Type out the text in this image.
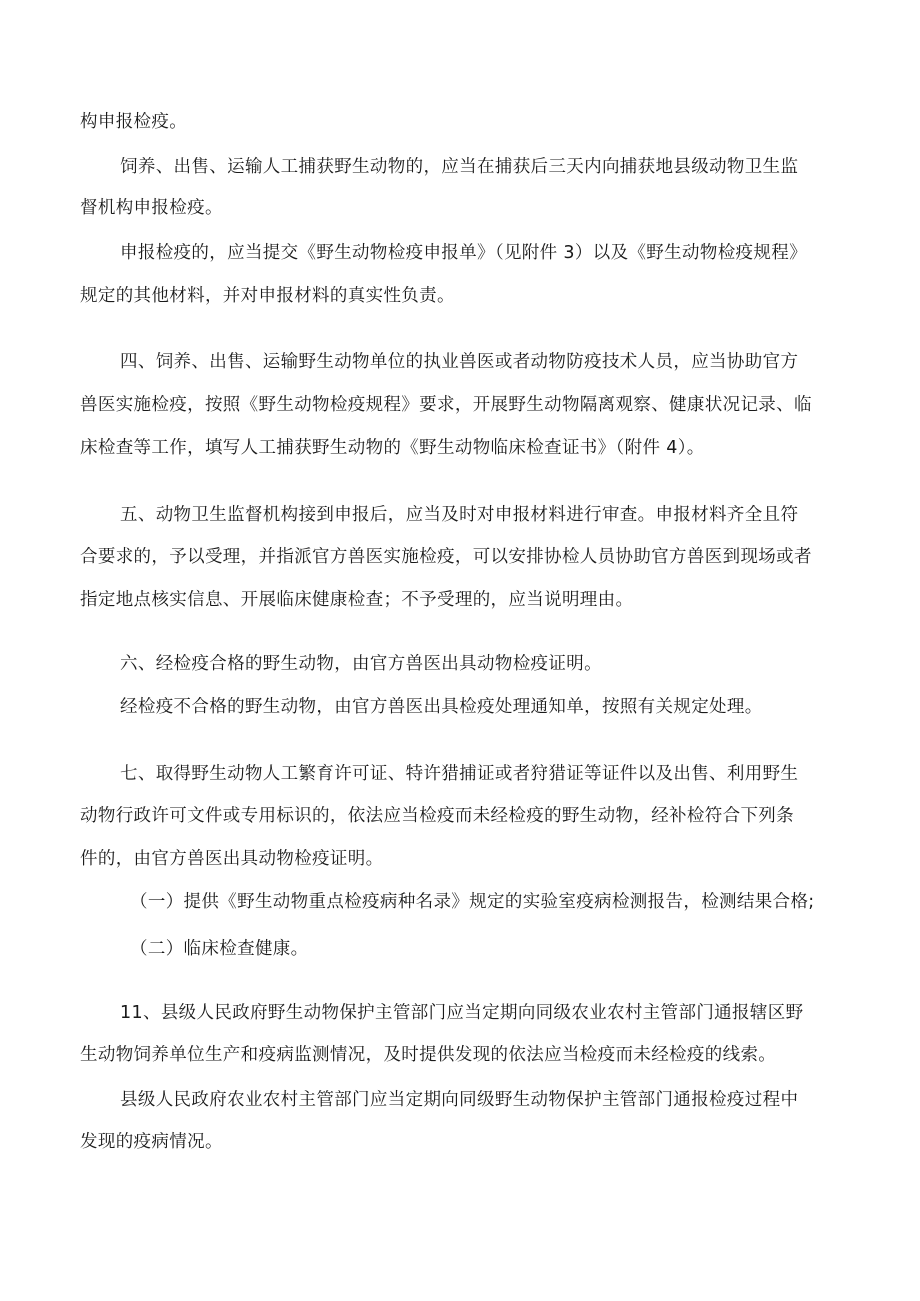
构申报检疫。
饲养、出售、运输人工捕获野生动物的，应当在捕获后三天内向捕获地县级动物卫生监
督机构申报检疫。
申报检疫的，应当提交《野生动物检疫申报单》（见附件 3）以及《野生动物检疫规程》
规定的其他材料，并对申报材料的真实性负责。
四、饲养、出售、运输野生动物单位的执业兽医或者动物防疫技术人员，应当协助官方
兽医实施检疫，按照《野生动物检疫规程》要求，开展野生动物隔离观察、健康状况记录、临
床检查等工作，填写人工捕获野生动物的《野生动物临床检查证书》（附件 4）。
五、动物卫生监督机构接到申报后，应当及时对申报材料进行审查。申报材料齐全且符
合要求的，予以受理，并指派官方兽医实施检疫，可以安排协检人员协助官方兽医到现场或者
指定地点核实信息、开展临床健康检查；不予受理的，应当说明理由。
六、经检疫合格的野生动物，由官方兽医出具动物检疫证明。
经检疫不合格的野生动物，由官方兽医出具检疫处理通知单，按照有关规定处理。
七、取得野生动物人工繁育许可证、特许猎捕证或者狩猎证等证件以及出售、利用野生
动物行政许可文件或专用标识的，依法应当检疫而未经检疫的野生动物，经补检符合下列条
件的，由官方兽医出具动物检疫证明。
（一）提供《野生动物重点检疫病种名录》规定的实验室疫病检测报告，检测结果合格;
（二）临床检查健康。
11、县级人民政府野生动物保护主管部门应当定期向同级农业农村主管部门通报辖区野
生动物饲养单位生产和疫病监测情况，及时提供发现的依法应当检疫而未经检疫的线索。
县级人民政府农业农村主管部门应当定期向同级野生动物保护主管部门通报检疫过程中
发现的疫病情况。
